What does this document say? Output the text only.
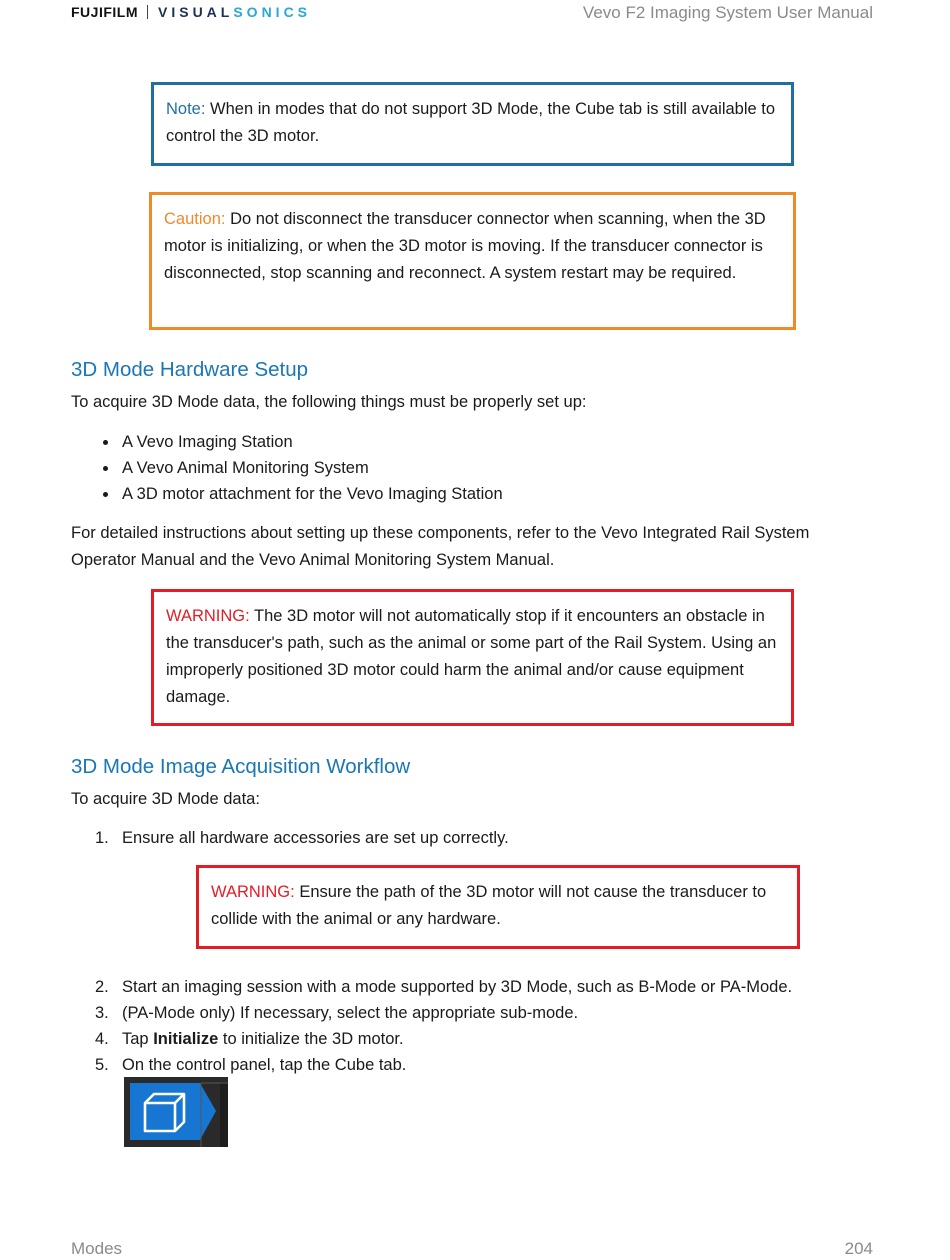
FUJIFILM VISUAL SONICS	Vevo F2 Imaging System User Manual

Note: When in modes that do not support 3D Mode, the Cube tab is still available to control the 3D motor.

Caution: Do not disconnect the transducer connector when scanning, when the 3D motor is initializing, or when the 3D motor is moving. If the transducer connector is disconnected, stop scanning and reconnect. A system restart may be required.

3D Mode Hardware Setup

To acquire 3D Mode data, the following things must be properly set up:

A Vevo Imaging Station
A Vevo Animal Monitoring System
A 3D motor attachment for the Vevo Imaging Station

For detailed instructions about setting up these components, refer to the Vevo Integrated Rail System Operator Manual and the Vevo Animal Monitoring System Manual.

WARNING: The 3D motor will not automatically stop if it encounters an obstacle in the transducer's path, such as the animal or some part of the Rail System. Using an improperly positioned 3D motor could harm the animal and/or cause equipment damage.

3D Mode Image Acquisition Workflow

To acquire 3D Mode data:

1. Ensure all hardware accessories are set up correctly.

WARNING: Ensure the path of the 3D motor will not cause the transducer to collide with the animal or any hardware.

2. Start an imaging session with a mode supported by 3D Mode, such as B-Mode or PA-Mode.
3. (PA-Mode only) If necessary, select the appropriate sub-mode.
4. Tap Initialize to initialize the 3D motor.
5. On the control panel, tap the Cube tab.
Modes	204
